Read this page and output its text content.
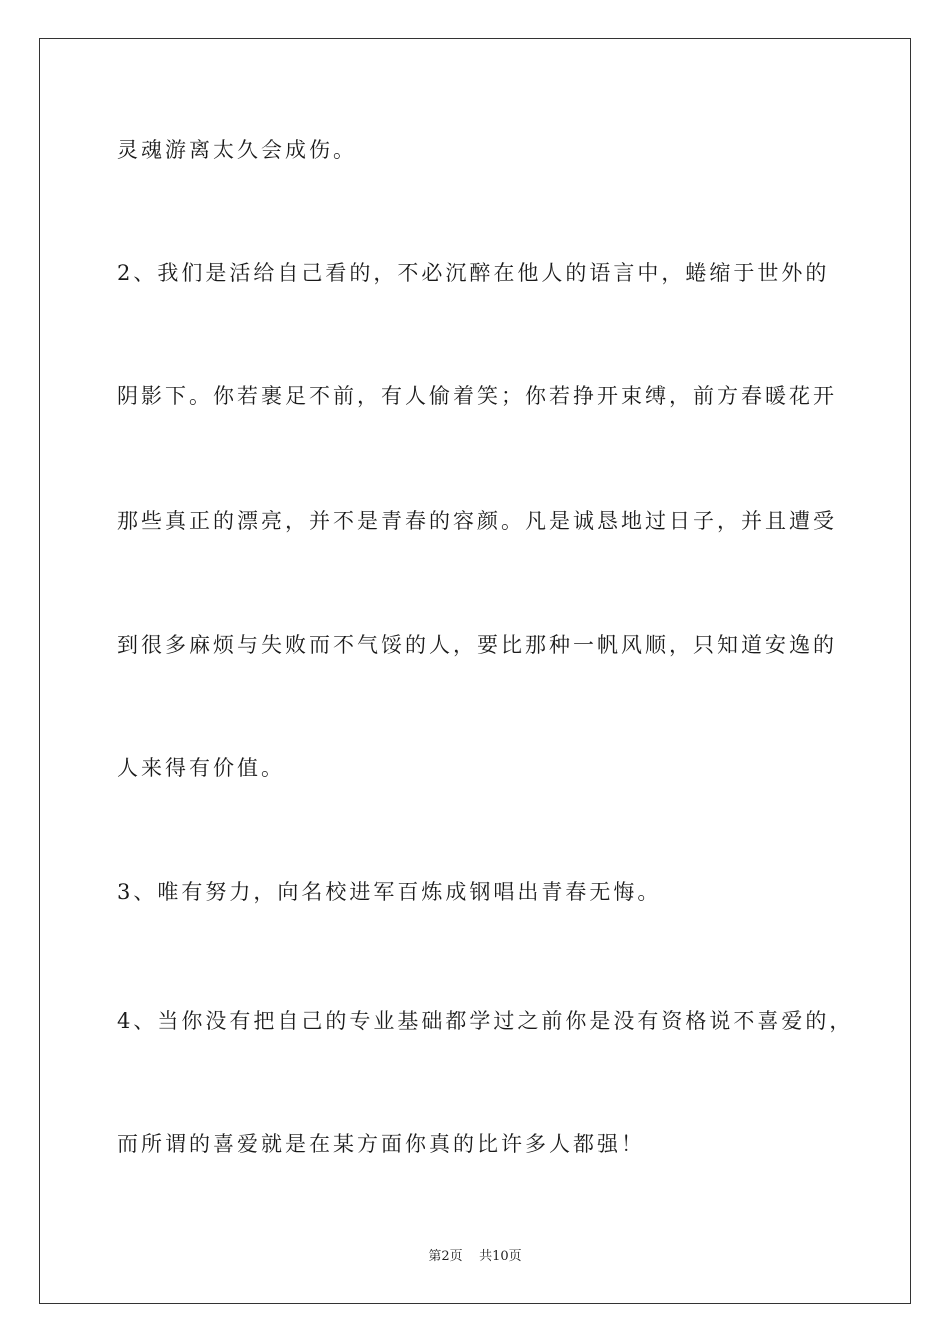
灵魂游离太久会成伤。
2、我们是活给自己看的，不必沉醉在他人的语言中，蜷缩于世外的
阴影下。你若裹足不前，有人偷着笑；你若挣开束缚，前方春暖花开
那些真正的漂亮，并不是青春的容颜。凡是诚恳地过日子，并且遭受
到很多麻烦与失败而不气馁的人，要比那种一帆风顺，只知道安逸的
人来得有价值。
3、唯有努力，向名校进军百炼成钢唱出青春无悔。
4、当你没有把自己的专业基础都学过之前你是没有资格说不喜爱的，
而所谓的喜爱就是在某方面你真的比许多人都强！
第2页 共10页
